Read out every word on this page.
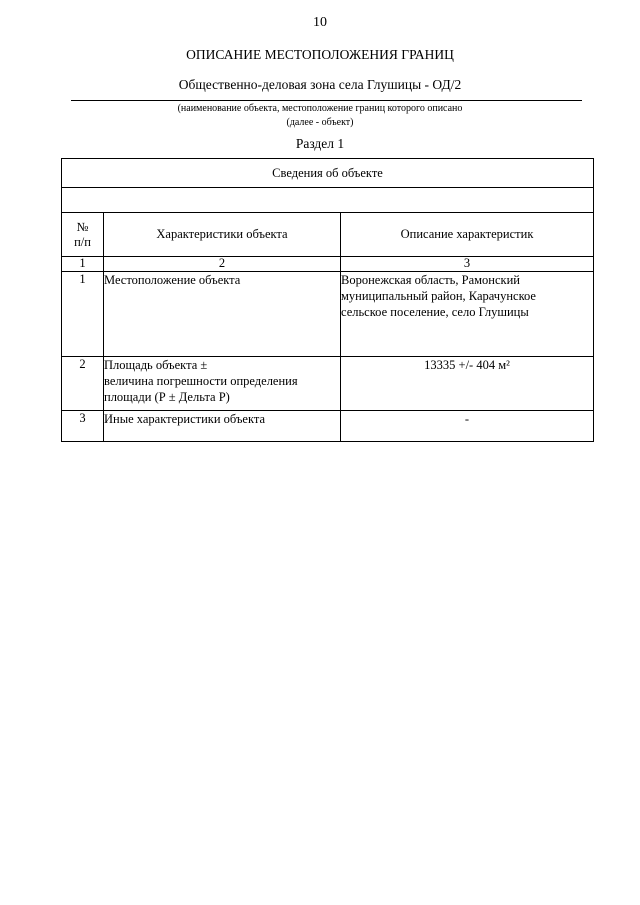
10
ОПИСАНИЕ МЕСТОПОЛОЖЕНИЯ ГРАНИЦ
Общественно-деловая зона села Глушицы - ОД/2
(наименование объекта, местоположение границ которого описано
(далее - объект)
Раздел 1
Сведения об объекте		

№
п/п	Характеристики объекта	Описание характеристик
1	2	3
1	Местоположение объекта	Воронежская область, Рамонский
муниципальный район, Карачунское
сельское поселение, село Глушицы

2	Площадь объекта ±
величина погрешности определения
площади (Р ± Дельта Р)	13335 +/- 404 м²

3	Иные характеристики объекта	-
